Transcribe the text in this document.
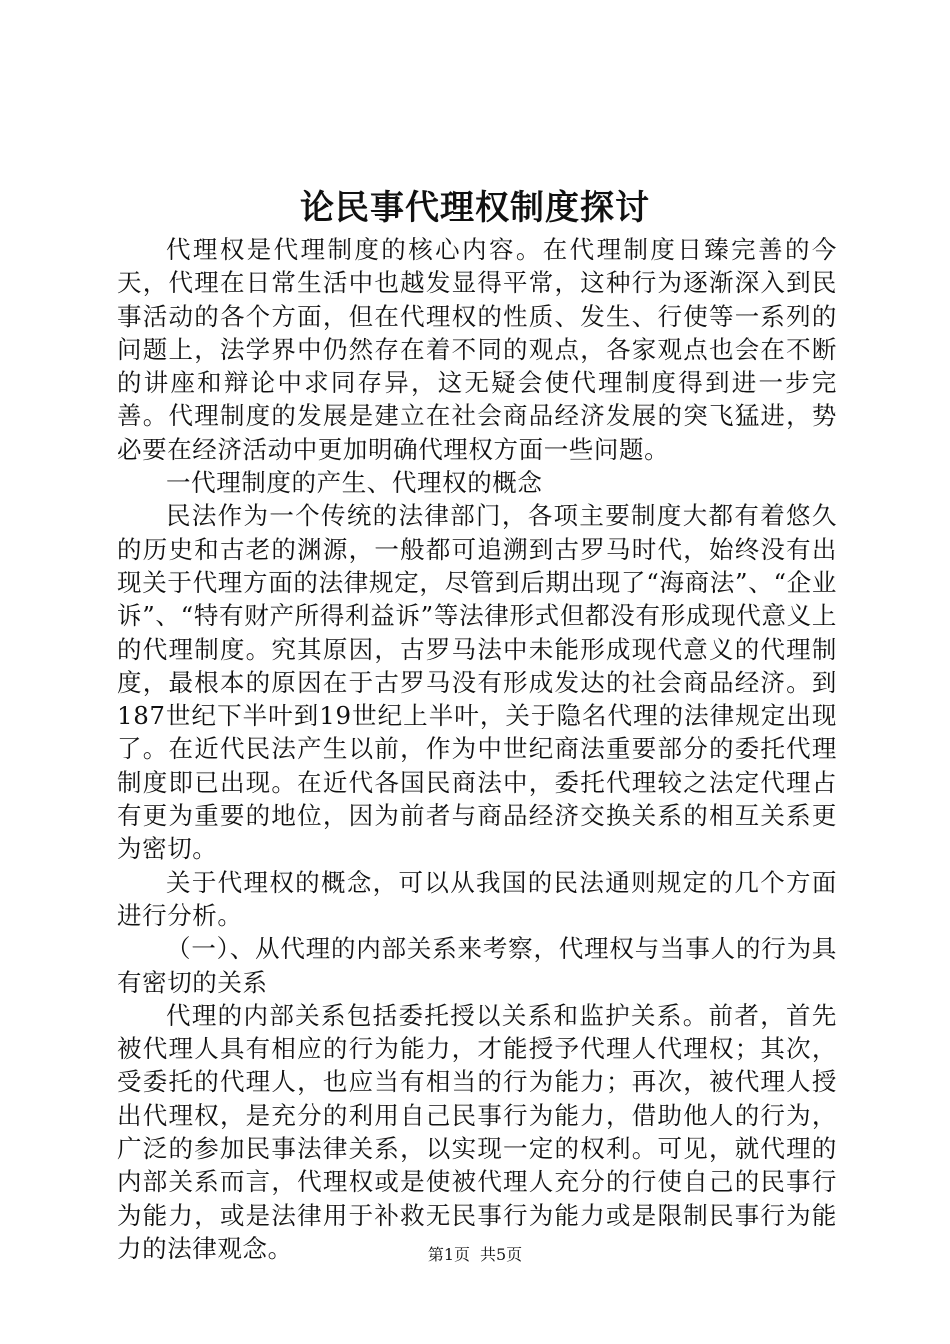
论民事代理权制度探讨

代理权是代理制度的核心内容。在代理制度日臻完善的今天，代理在日常生活中也越发显得平常，这种行为逐渐深入到民事活动的各个方面，但在代理权的性质、发生、行使等一系列的问题上，法学界中仍然存在着不同的观点，各家观点也会在不断的讲座和辩论中求同存异，这无疑会使代理制度得到进一步完善。代理制度的发展是建立在社会商品经济发展的突飞猛进，势必要在经济活动中更加明确代理权方面一些问题。

一代理制度的产生、代理权的概念

民法作为一个传统的法律部门，各项主要制度大都有着悠久的历史和古老的渊源，一般都可追溯到古罗马时代，始终没有出现关于代理方面的法律规定，尽管到后期出现了“海商法”、“企业诉”、“特有财产所得利益诉”等法律形式但都没有形成现代意义上的代理制度。究其原因，古罗马法中未能形成现代意义的代理制度，最根本的原因在于古罗马没有形成发达的社会商品经济。到187世纪下半叶到19世纪上半叶，关于隐名代理的法律规定出现了。在近代民法产生以前，作为中世纪商法重要部分的委托代理制度即已出现。在近代各国民商法中，委托代理较之法定代理占有更为重要的地位，因为前者与商品经济交换关系的相互关系更为密切。

关于代理权的概念，可以从我国的民法通则规定的几个方面进行分析。

（一）、从代理的内部关系来考察，代理权与当事人的行为具有密切的关系

代理的内部关系包括委托授以关系和监护关系。前者，首先被代理人具有相应的行为能力，才能授予代理人代理权；其次，受委托的代理人，也应当有相当的行为能力；再次，被代理人授出代理权，是充分的利用自己民事行为能力，借助他人的行为，广泛的参加民事法律关系，以实现一定的权利。可见，就代理的内部关系而言，代理权或是使被代理人充分的行使自己的民事行为能力，或是法律用于补救无民事行为能力或是限制民事行为能力的法律观念。	第1页 共5页
